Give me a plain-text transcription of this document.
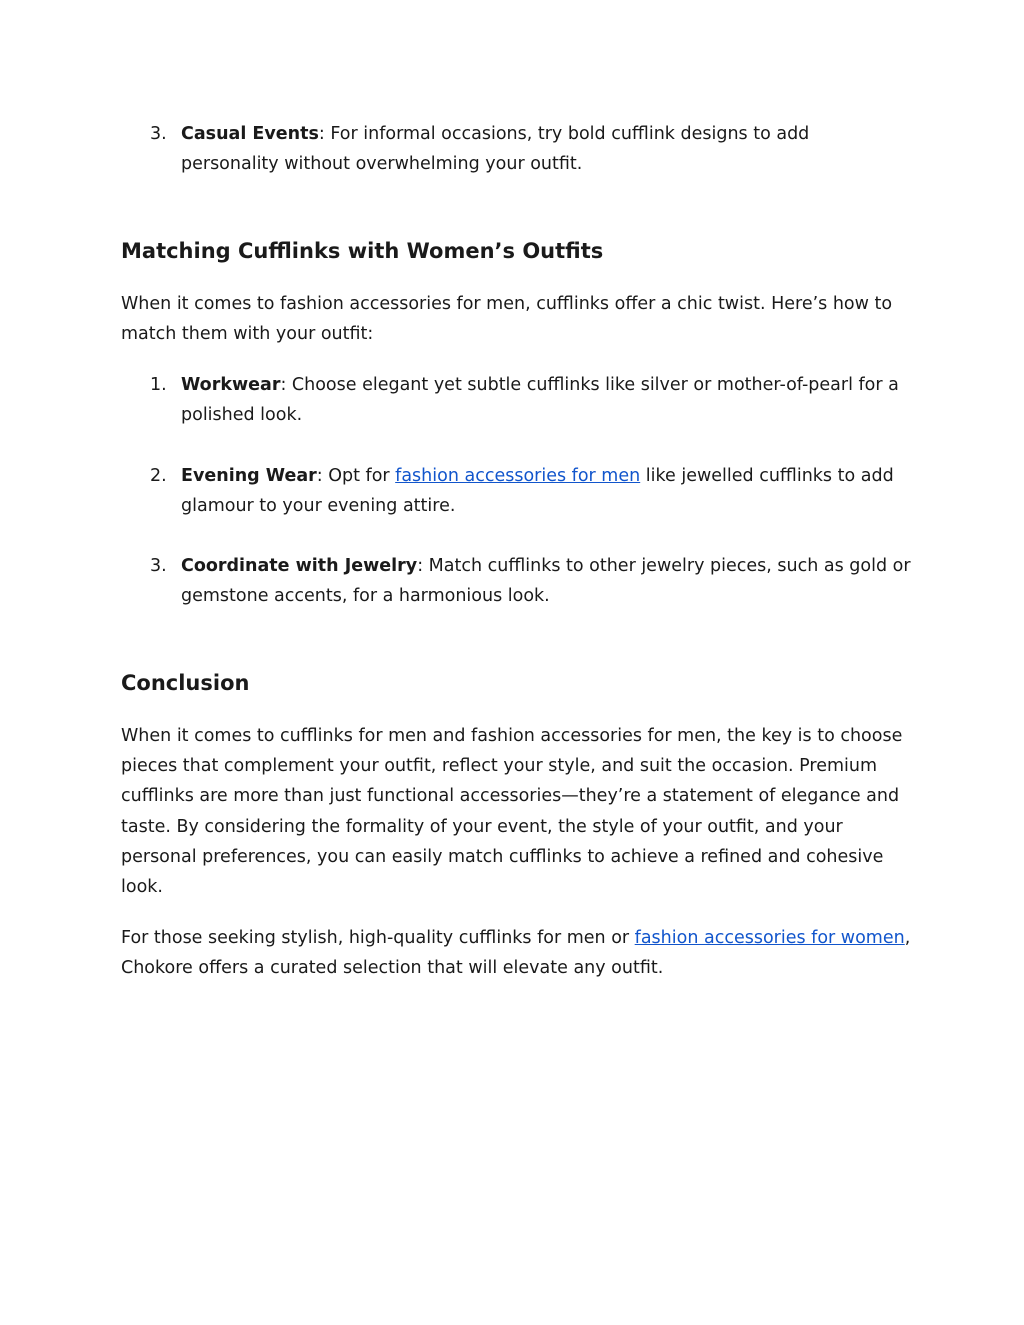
3. Casual Events: For informal occasions, try bold cufflink designs to add personality without overwhelming your outfit.
Matching Cufflinks with Women’s Outfits
When it comes to fashion accessories for men, cufflinks offer a chic twist. Here’s how to match them with your outfit:
1. Workwear: Choose elegant yet subtle cufflinks like silver or mother-of-pearl for a polished look.
2. Evening Wear: Opt for fashion accessories for men like jewelled cufflinks to add glamour to your evening attire.
3. Coordinate with Jewelry: Match cufflinks to other jewelry pieces, such as gold or gemstone accents, for a harmonious look.
Conclusion
When it comes to cufflinks for men and fashion accessories for men, the key is to choose pieces that complement your outfit, reflect your style, and suit the occasion. Premium cufflinks are more than just functional accessories—they’re a statement of elegance and taste. By considering the formality of your event, the style of your outfit, and your personal preferences, you can easily match cufflinks to achieve a refined and cohesive look.
For those seeking stylish, high-quality cufflinks for men or fashion accessories for women, Chokore offers a curated selection that will elevate any outfit.
